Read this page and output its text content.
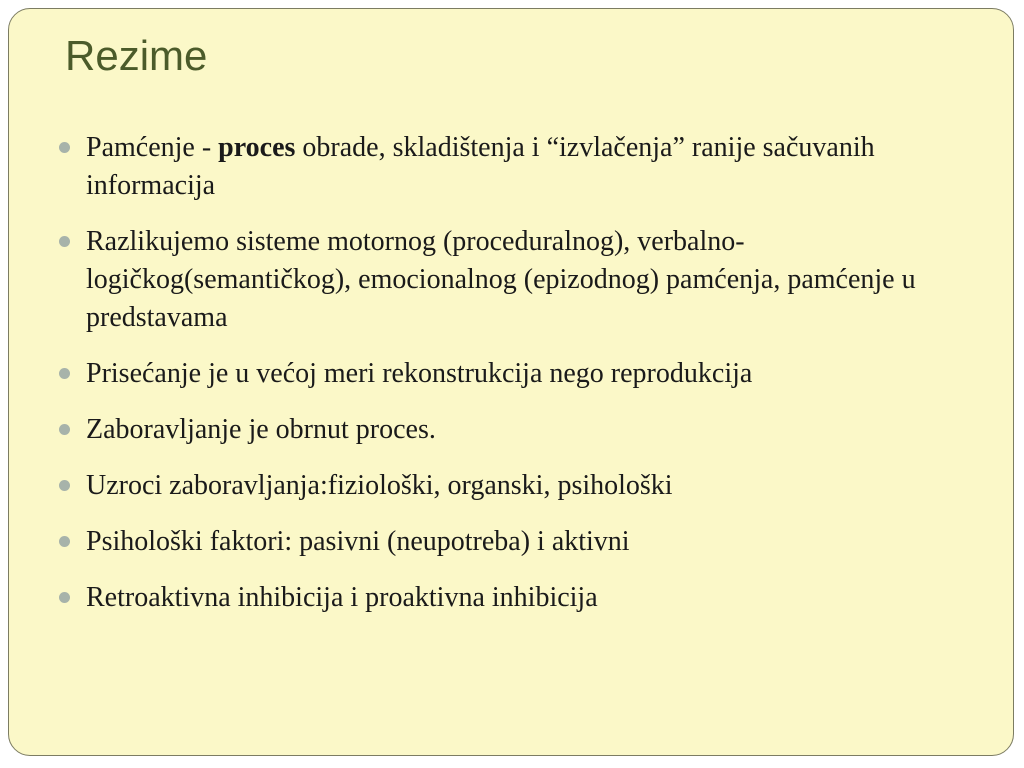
Rezime
Pamćenje - proces obrade, skladištenja i “izvlačenja” ranije sačuvanih informacija
Razlikujemo sisteme motornog (proceduralnog), verbalno-logičkog(semantičkog), emocionalnog (epizodnog) pamćenja, pamćenje u predstavama
Prisećanje je u većoj meri rekonstrukcija nego reprodukcija
Zaboravljanje je obrnut proces.
Uzroci zaboravljanja:fiziološki, organski, psihološki
Psihološki faktori: pasivni (neupotreba) i aktivni
Retroaktivna inhibicija i proaktivna inhibicija
